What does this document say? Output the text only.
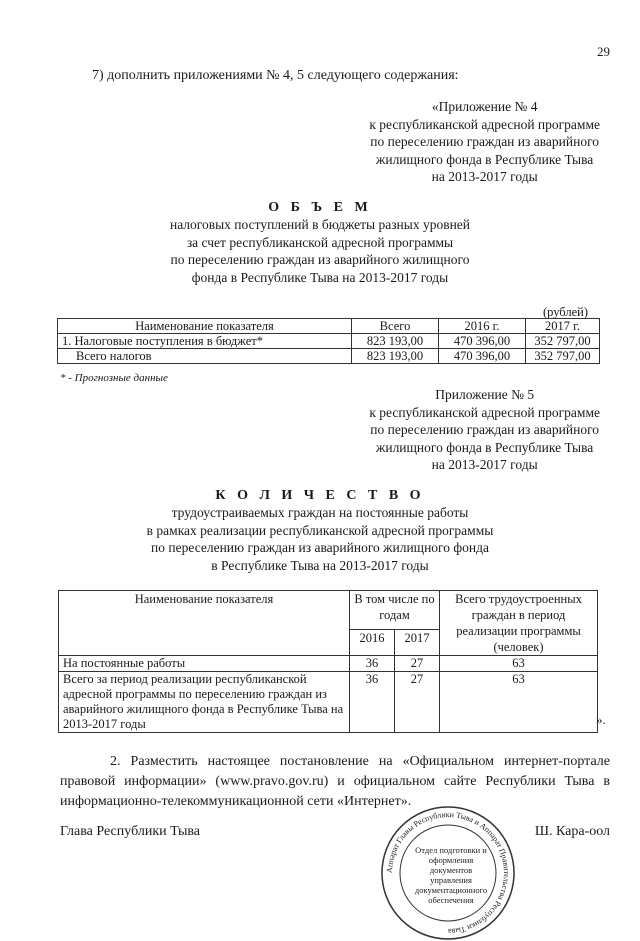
29
7) дополнить приложениями № 4, 5 следующего содержания:
«Приложение № 4
к республиканской адресной программе
по переселению граждан из аварийного
жилищного фонда в Республике Тыва
на 2013-2017 годы
О Б Ъ Е М
налоговых поступлений в бюджеты разных уровней
за счет республиканской адресной программы
по переселению граждан из аварийного жилищного
фонда в Республике Тыва на 2013-2017 годы
(рублей)
Наименование показателя	Всего	2016 г.	2017 г.
1. Налоговые поступления в бюджет*	823 193,00	470 396,00	352 797,00
Всего налогов	823 193,00	470 396,00	352 797,00
* - Прогнозные данные
Приложение № 5
к республиканской адресной программе
по переселению граждан из аварийного
жилищного фонда в Республике Тыва
на 2013-2017 годы
К О Л И Ч Е С Т В О
трудоустраиваемых граждан на постоянные работы
в рамках реализации республиканской адресной программы
по переселению граждан из аварийного жилищного фонда
в Республике Тыва на 2013-2017 годы
Наименование показателя	В том числе по годам		Всего трудоустроенных граждан в период реализации программы (человек)
	2016	2017	
На постоянные работы	36	27	63
Всего за период реализации республиканской адресной программы по переселению граждан из аварийного жилищного фонда в Республике Тыва на 2013-2017 годы	36	27	63
».
2. Разместить настоящее постановление на «Официальном интернет-портале правовой информации» (www.pravo.gov.ru) и официальном сайте Республики Тыва в информационно-телекоммуникационной сети «Интернет».
Глава Республики Тыва	Ш. Кара-оол
Аппарат Главы Республики Тыва и Аппарат Правительства Республики Тыва
Отдел подготовки и оформления документов управления документационного обеспечения
